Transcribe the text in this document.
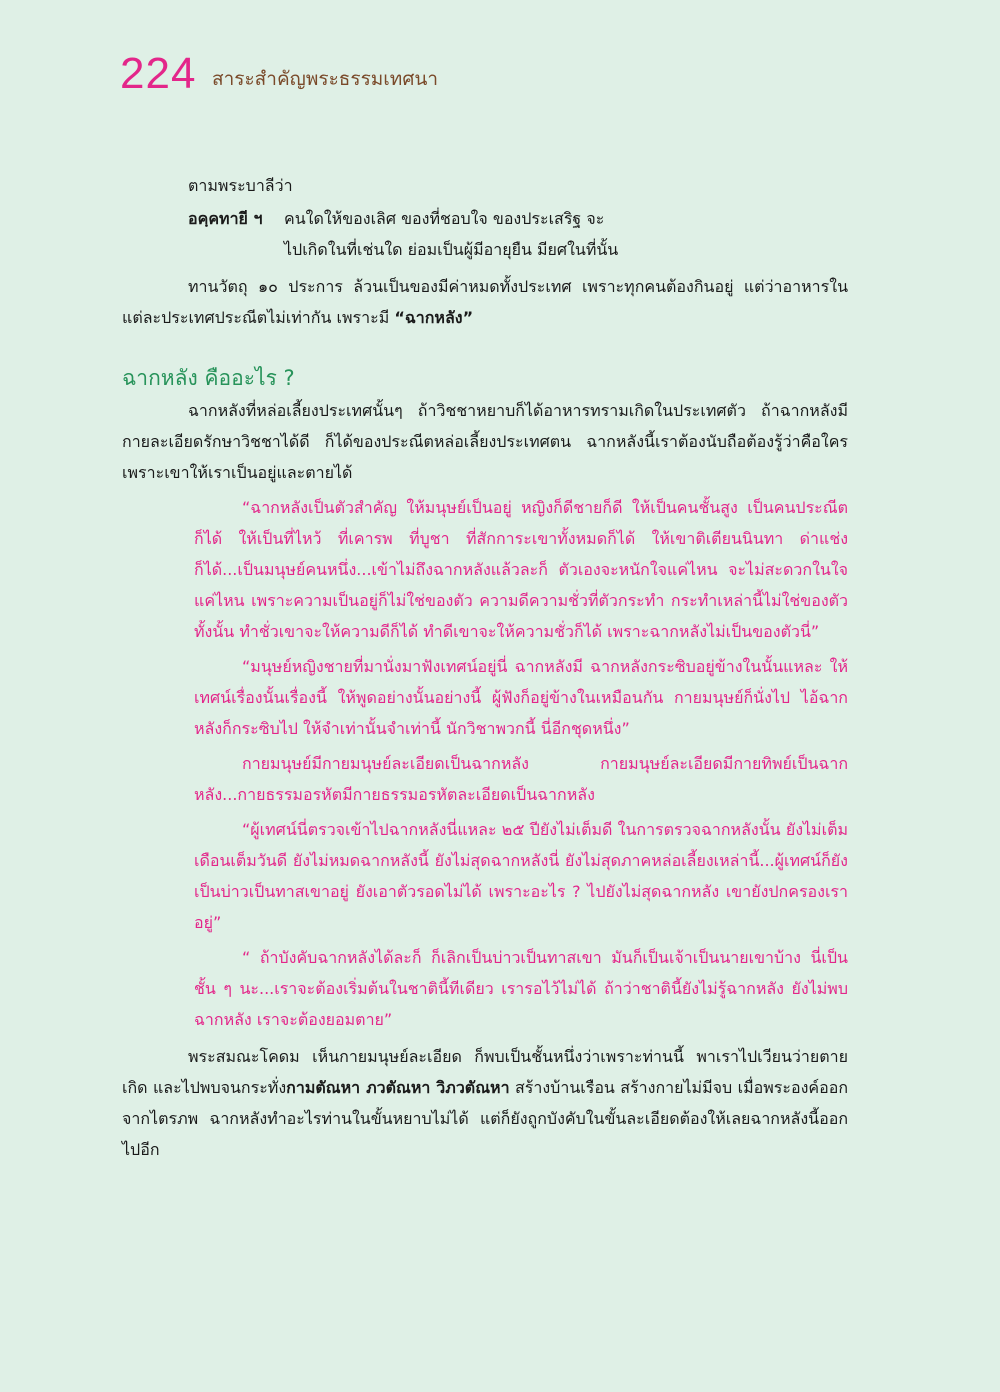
224 สาระสำคัญพระธรรมเทศนา

ตามพระบาลีว่า

อคฺคทายี ฯ	คนใดให้ของเลิศ ของที่ชอบใจ ของประเสริฐ จะ
ไปเกิดในที่เช่นใด ย่อมเป็นผู้มีอายุยืน มียศในที่นั้น

ทานวัตถุ ๑๐ ประการ ล้วนเป็นของมีค่าหมดทั้งประเทศ เพราะทุกคนต้องกินอยู่ แต่ว่าอาหารในแต่ละประเทศประณีตไม่เท่ากัน เพราะมี “ฉากหลัง”

ฉากหลัง คืออะไร ?

ฉากหลังที่หล่อเลี้ยงประเทศนั้นๆ ถ้าวิชชาหยาบก็ได้อาหารทรามเกิดในประเทศตัว ถ้าฉากหลังมีกายละเอียดรักษาวิชชาได้ดี ก็ได้ของประณีตหล่อเลี้ยงประเทศตน ฉากหลังนี้เราต้องนับถือต้องรู้ว่าคือใคร เพราะเขาให้เราเป็นอยู่และตายได้

“ฉากหลังเป็นตัวสำคัญ ให้มนุษย์เป็นอยู่ หญิงก็ดีชายก็ดี ให้เป็นคนชั้นสูง เป็นคนประณีตก็ได้ ให้เป็นที่ไหว้ ที่เคารพ ที่บูชา ที่สักการะเขาทั้งหมดก็ได้ ให้เขาติเตียนนินทา ด่าแช่งก็ได้...เป็นมนุษย์คนหนึ่ง...เข้าไม่ถึงฉากหลังแล้วละก็ ตัวเองจะหนักใจแค่ไหน จะไม่สะดวกในใจแค่ไหน เพราะความเป็นอยู่ก็ไม่ใช่ของตัว ความดีความชั่วที่ตัวกระทำ กระทำเหล่านี้ไม่ใช่ของตัวทั้งนั้น ทำชั่วเขาจะให้ความดีก็ได้ ทำดีเขาจะให้ความชั่วก็ได้ เพราะฉากหลังไม่เป็นของตัวนี่”

“มนุษย์หญิงชายที่มานั่งมาฟังเทศน์อยู่นี่ ฉากหลังมี ฉากหลังกระซิบอยู่ข้างในนั้นแหละ ให้เทศน์เรื่องนั้นเรื่องนี้ ให้พูดอย่างนั้นอย่างนี้ ผู้ฟังก็อยู่ข้างในเหมือนกัน กายมนุษย์ก็นั่งไป ไอ้ฉากหลังก็กระซิบไป ให้จำเท่านั้นจำเท่านี้ นักวิชาพวกนี้ นี่อีกชุดหนึ่ง”

กายมนุษย์มีกายมนุษย์ละเอียดเป็นฉากหลัง กายมนุษย์ละเอียดมีกายทิพย์เป็นฉากหลัง...กายธรรมอรหัตมีกายธรรมอรหัตละเอียดเป็นฉากหลัง

“ผู้เทศน์นี่ตรวจเข้าไปฉากหลังนี่แหละ ๒๕ ปียังไม่เต็มดี ในการตรวจฉากหลังนั้น ยังไม่เต็มเดือนเต็มวันดี ยังไม่หมดฉากหลังนี้ ยังไม่สุดฉากหลังนี่ ยังไม่สุดภาคหล่อเลี้ยงเหล่านี้...ผู้เทศน์ก็ยังเป็นบ่าวเป็นทาสเขาอยู่ ยังเอาตัวรอดไม่ได้ เพราะอะไร ? ไปยังไม่สุดฉากหลัง เขายังปกครองเราอยู่”

“ ถ้าบังคับฉากหลังได้ละก็ ก็เลิกเป็นบ่าวเป็นทาสเขา มันก็เป็นเจ้าเป็นนายเขาบ้าง นี่เป็นชั้น ๆ นะ...เราจะต้องเริ่มต้นในชาตินี้ทีเดียว เรารอไว้ไม่ได้ ถ้าว่าชาตินี้ยังไม่รู้ฉากหลัง ยังไม่พบฉากหลัง เราจะต้องยอมตาย”

พระสมณะโคดม เห็นกายมนุษย์ละเอียด ก็พบเป็นชั้นหนึ่งว่าเพราะท่านนี้ พาเราไปเวียนว่ายตายเกิด และไปพบจนกระทั่งกามตัณหา ภวตัณหา วิภวตัณหา สร้างบ้านเรือน สร้างกายไม่มีจบ เมื่อพระองค์ออกจากไตรภพ ฉากหลังทำอะไรท่านในขั้นหยาบไม่ได้ แต่ก็ยังถูกบังคับในขั้นละเอียดต้องให้เลยฉากหลังนี้ออกไปอีก
